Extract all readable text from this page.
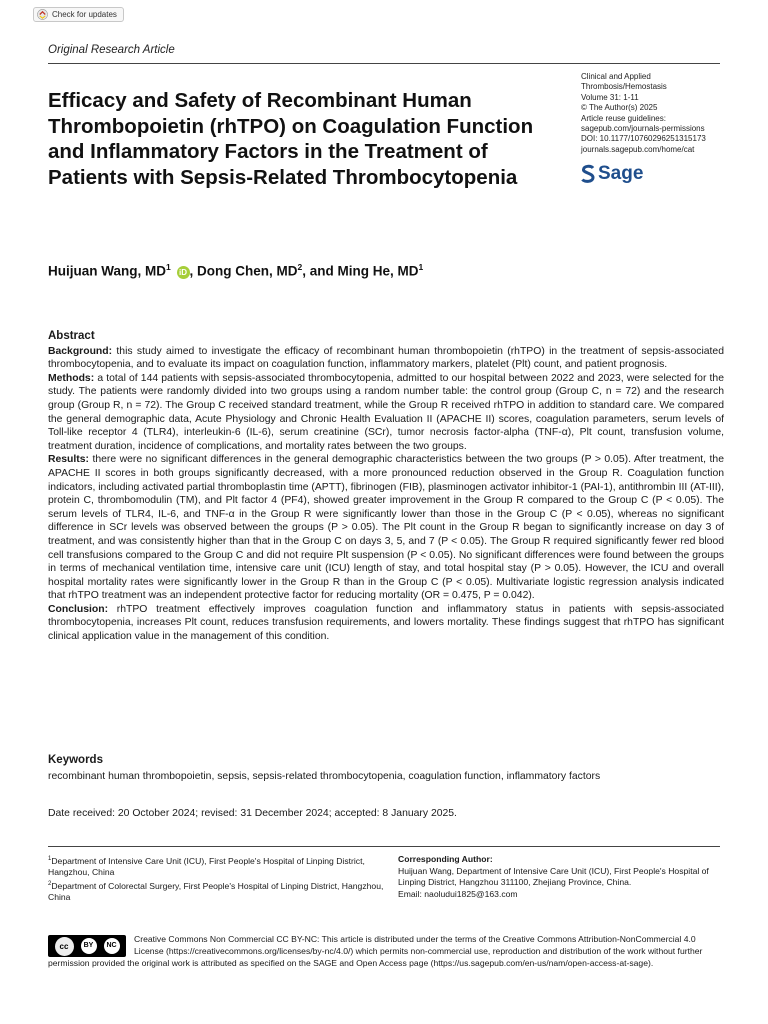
Check for updates
Original Research Article
Clinical and Applied
Thrombosis/Hemostasis
Volume 31: 1-11
© The Author(s) 2025
Article reuse guidelines:
sagepub.com/journals-permissions
DOI: 10.1177/10760296251315173
journals.sagepub.com/home/cat
Sage
Efficacy and Safety of Recombinant Human Thrombopoietin (rhTPO) on Coagulation Function and Inflammatory Factors in the Treatment of Patients with Sepsis-Related Thrombocytopenia
Huijuan Wang, $MD^1$ iD , Dong Chen, $MD^2$, and Ming He, $MD^1$
Abstract

Background: this study aimed to investigate the efficacy of recombinant human thrombopoietin (rhTPO) in the treatment of sepsis-associated thrombocytopenia, and to evaluate its impact on coagulation function, inflammatory markers, platelet (Plt) count, and patient prognosis.

Methods: a total of 144 patients with sepsis-associated thrombocytopenia, admitted to our hospital between 2022 and 2023, were selected for the study. The patients were randomly divided into two groups using a random number table: the control group (Group C, n = 72) and the research group (Group R, n = 72). The Group C received standard treatment, while the Group R received rhTPO in addition to standard care. We compared the general demographic data, Acute Physiology and Chronic Health Evaluation II (APACHE II) scores, coagulation parameters, serum levels of Toll-like receptor 4 (TLR4), interleukin-6 (IL-6), serum creatinine (SCr), tumor necrosis factor-alpha (TNF-α), Plt count, transfusion volume, treatment duration, incidence of complications, and mortality rates between the two groups.

Results: there were no significant differences in the general demographic characteristics between the two groups (P > 0.05). After treatment, the APACHE II scores in both groups significantly decreased, with a more pronounced reduction observed in the Group R. Coagulation function indicators, including activated partial thromboplastin time (APTT), fibrinogen (FIB), plasminogen activator inhibitor-1 (PAI-1), antithrombin III (AT-III), protein C, thrombomodulin (TM), and Plt factor 4 (PF4), showed greater improvement in the Group R compared to the Group C (P < 0.05). The serum levels of TLR4, IL-6, and TNF-α in the Group R were significantly lower than those in the Group C (P < 0.05), whereas no significant difference in SCr levels was observed between the groups (P > 0.05). The Plt count in the Group R began to significantly increase on day 3 of treatment, and was consistently higher than that in the Group C on days 3, 5, and 7 (P < 0.05). The Group R required significantly fewer red blood cell transfusions compared to the Group C and did not require Plt suspension (P < 0.05). No significant differences were found between the groups in terms of mechanical ventilation time, intensive care unit (ICU) length of stay, and total hospital stay (P > 0.05). However, the ICU and overall hospital mortality rates were significantly lower in the Group R than in the Group C (P < 0.05). Multivariate logistic regression analysis indicated that rhTPO treatment was an independent protective factor for reducing mortality (OR = 0.475, P = 0.042).

Conclusion: rhTPO treatment effectively improves coagulation function and inflammatory status in patients with sepsis-associated thrombocytopenia, increases Plt count, reduces transfusion requirements, and lowers mortality. These findings suggest that rhTPO has significant clinical application value in the management of this condition.

Keywords
recombinant human thrombopoietin, sepsis, sepsis-related thrombocytopenia, coagulation function, inflammatory factors
Date received: 20 October 2024; revised: 31 December 2024; accepted: 8 January 2025.

$^1$Department of Intensive Care Unit (ICU), First People's Hospital of Linping District, Hangzhou, China

$^2$Department of Colorectal Surgery, First People's Hospital of Linping District, Hangzhou, China

Corresponding Author:

Huijuan Wang, Department of Intensive Care Unit (ICU), First People's Hospital of Linping District, Hangzhou 311100, Zhejiang Province, China.

Email: naoludui1825@163.com

cc	BY	NC
Creative Commons Non Commercial CC BY-NC: This article is distributed under the terms of the Creative Commons Attribution-NonCommercial 4.0 License (https://creativecommons.org/licenses/by-nc/4.0/) which permits non-commercial use, reproduction and distribution of the work without further permission provided the original work is attributed as specified on the SAGE and Open Access page (https://us.sagepub.com/en-us/nam/open-access-at-sage).
